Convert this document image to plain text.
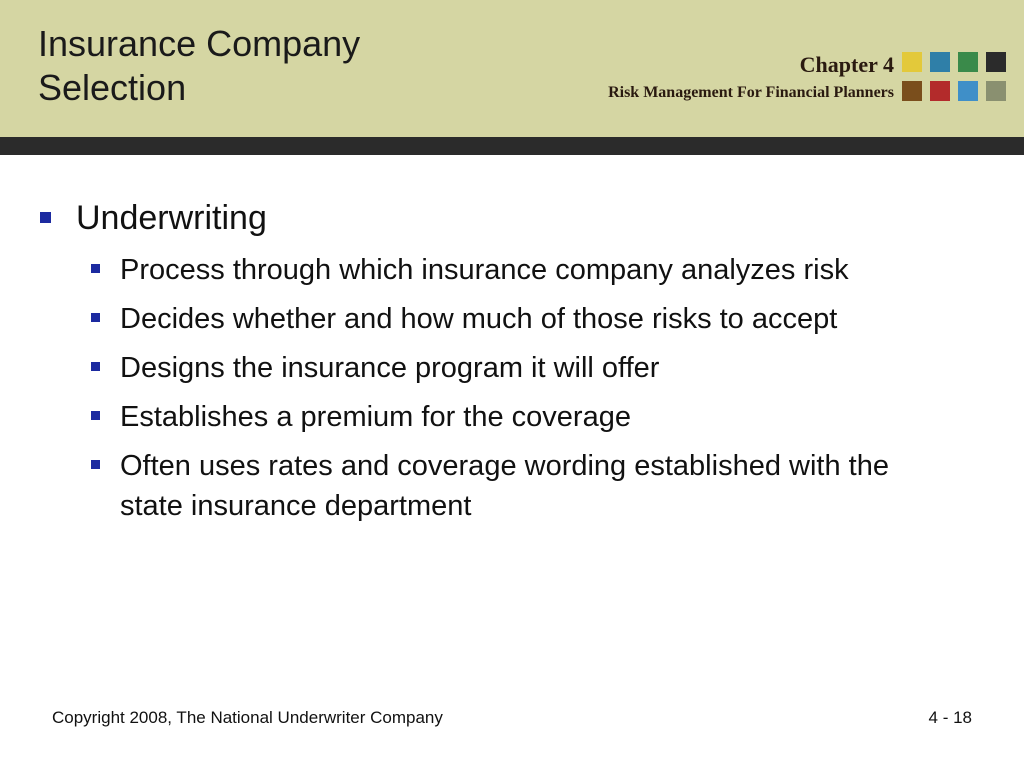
Insurance Company Selection
Chapter 4
Risk Management For Financial Planners
Underwriting
Process through which insurance company analyzes risk
Decides whether and how much of those risks to accept
Designs the insurance program it will offer
Establishes a premium for the coverage
Often uses rates and coverage wording established with the state insurance department
Copyright 2008, The National Underwriter Company	4 - 18
